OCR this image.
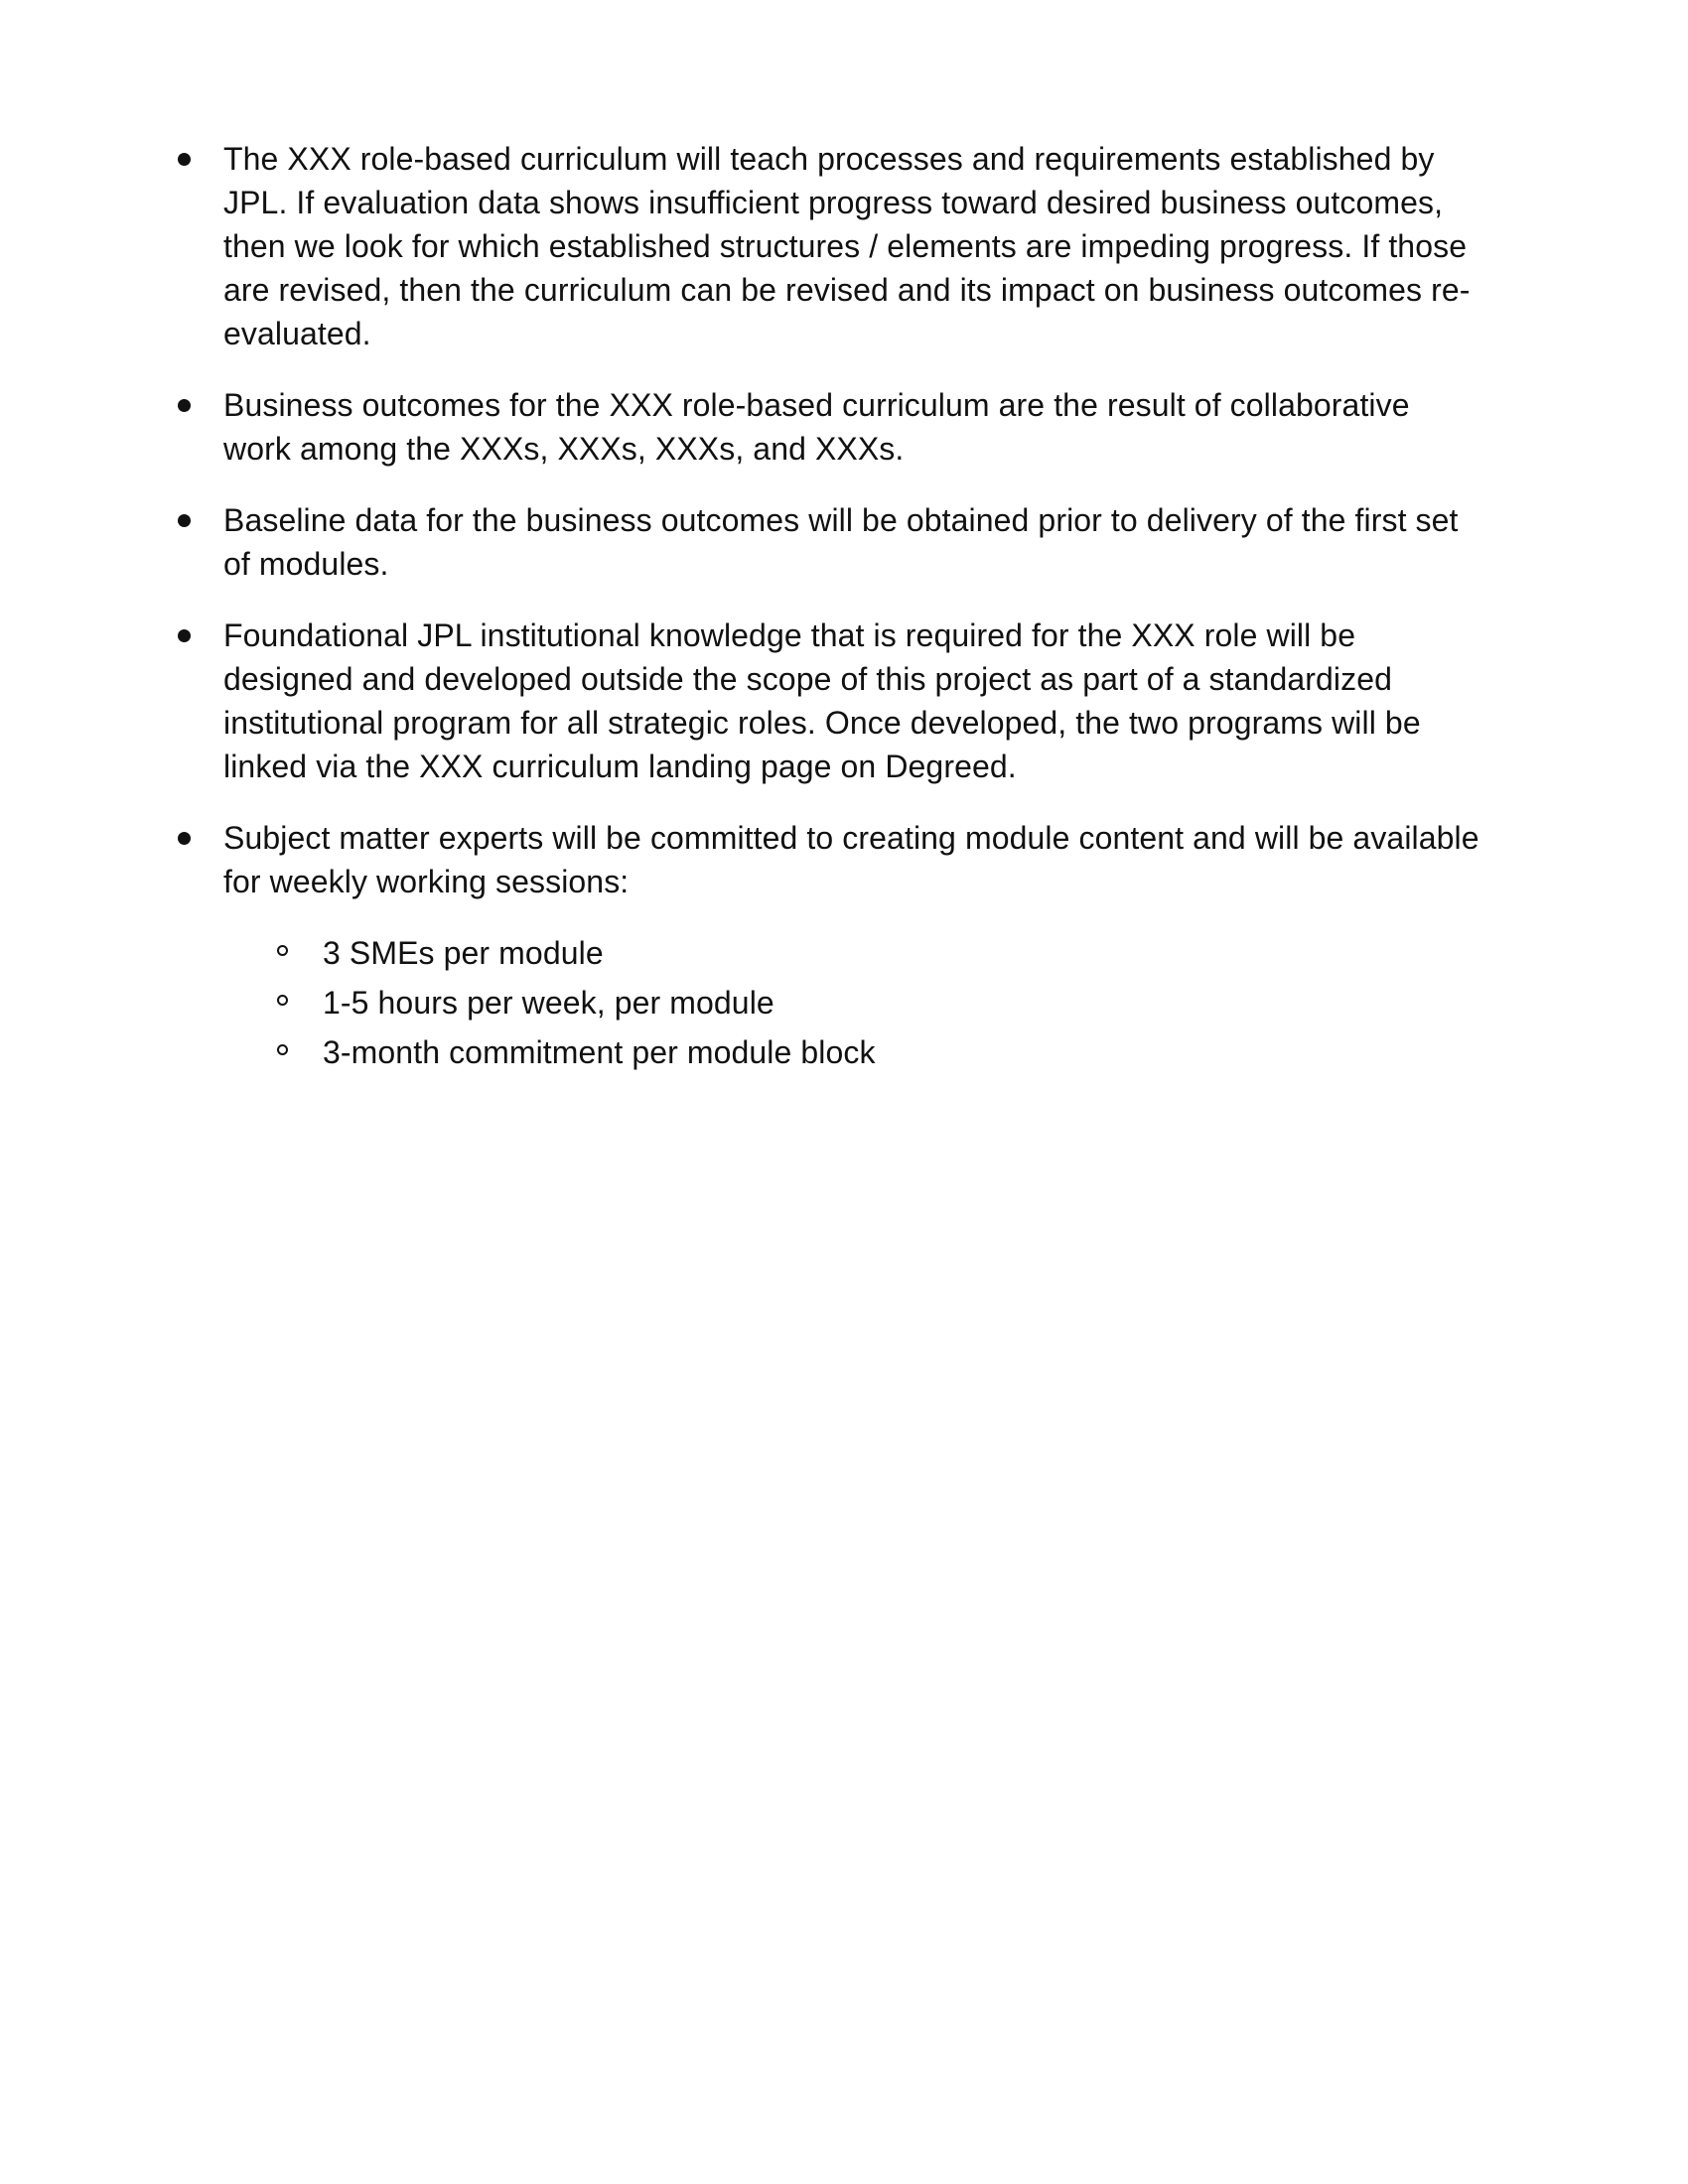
The XXX role-based curriculum will teach processes and requirements established by JPL. If evaluation data shows insufficient progress toward desired business outcomes, then we look for which established structures / elements are impeding progress. If those are revised, then the curriculum can be revised and its impact on business outcomes re-evaluated.
Business outcomes for the XXX role-based curriculum are the result of collaborative work among the XXXs, XXXs, XXXs, and XXXs.
Baseline data for the business outcomes will be obtained prior to delivery of the first set of modules.
Foundational JPL institutional knowledge that is required for the XXX role will be designed and developed outside the scope of this project as part of a standardized institutional program for all strategic roles. Once developed, the two programs will be linked via the XXX curriculum landing page on Degreed.
Subject matter experts will be committed to creating module content and will be available for weekly working sessions:
3 SMEs per module
1-5 hours per week, per module
3-month commitment per module block
